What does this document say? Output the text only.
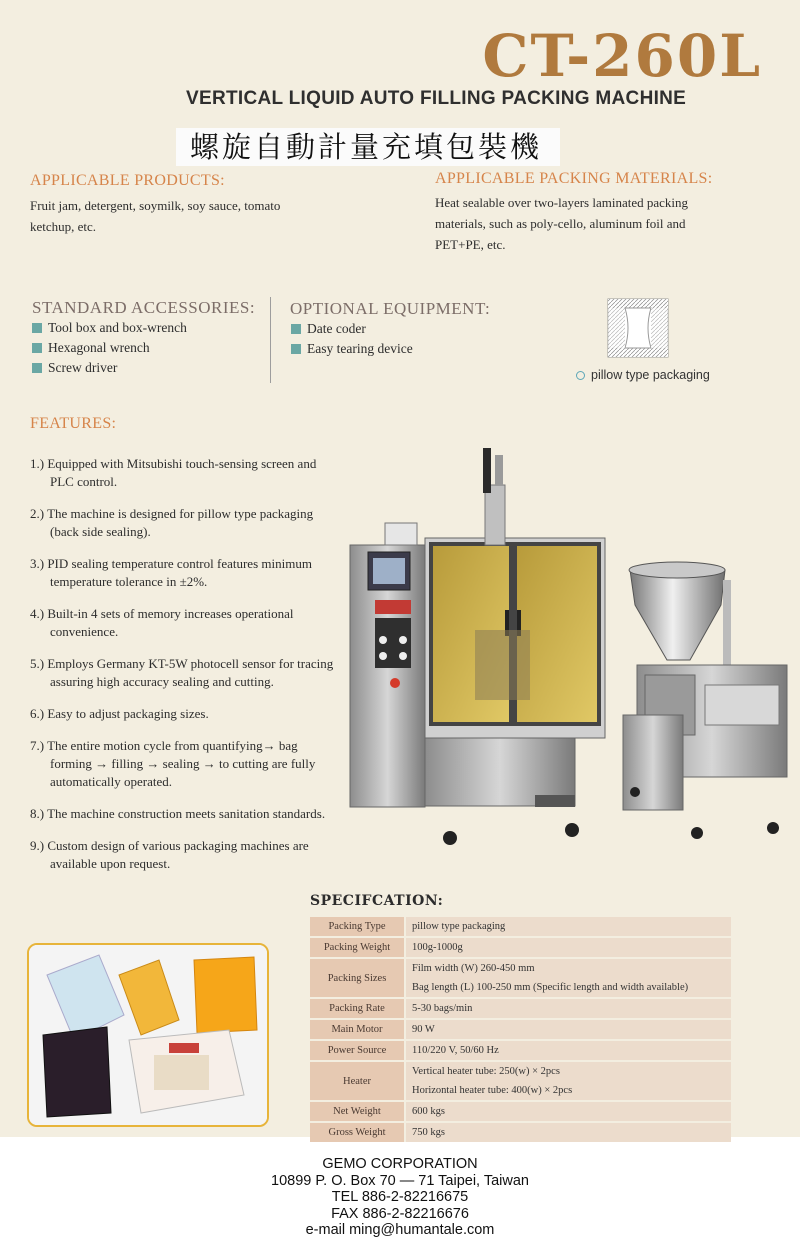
CT-260L
VERTICAL LIQUID AUTO FILLING PACKING MACHINE
螺旋自動計量充填包裝機
APPLICABLE PRODUCTS:
Fruit jam, detergent, soymilk, soy sauce, tomato ketchup, etc.
APPLICABLE PACKING MATERIALS:
Heat sealable over two-layers laminated packing materials, such as poly-cello, aluminum foil and PET+PE, etc.
STANDARD ACCESSORIES:
Tool box and box-wrench
Hexagonal wrench
Screw driver
OPTIONAL EQUIPMENT:
Date coder
Easy tearing device
pillow type packaging
FEATURES:
1.) Equipped with Mitsubishi touch-sensing screen and PLC control.
2.) The machine is designed for pillow type packaging (back side sealing).
3.) PID sealing temperature control features minimum temperature tolerance in ±2%.
4.) Built-in 4 sets of memory increases operational convenience.
5.) Employs Germany KT-5W photocell sensor for tracing assuring high accuracy sealing and cutting.
6.) Easy to adjust packaging sizes.
7.) The entire motion cycle from quantifying→ bag forming → filling → sealing → to cutting are fully automatically operated.
8.) The machine construction meets sanitation standards.
9.) Custom design of various packaging machines are available upon request.
SPECIFCATION:
Packing Type	pillow type packaging

Packing Weight	100g-1000g

Packing Sizes	Film width (W) 260-450 mm
Bag length (L) 100-250 mm (Specific length and width available)

Packing Rate	5-30 bags/min

Main Motor	90 W

Power Source	110/220 V, 50/60 Hz

Heater	Vertical heater tube: 250(w) × 2pcs
Horizontal heater tube: 400(w) × 2pcs

Net Weight	600 kgs

Gross Weight	750 kgs
GEMO CORPORATION
10899 P. O. Box 70 — 71 Taipei, Taiwan
TEL 886-2-82216675
FAX 886-2-82216676
e-mail ming@humantale.com
